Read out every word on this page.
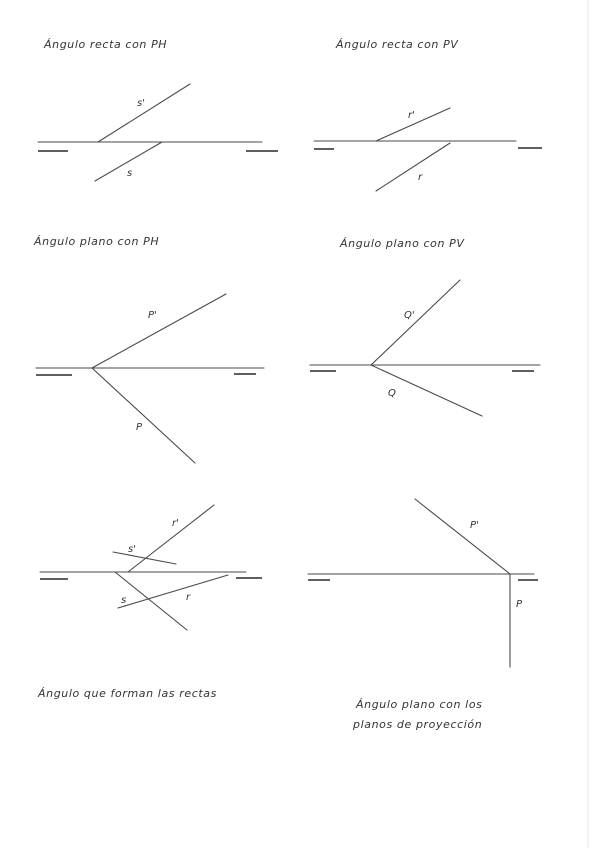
Ángulo recta con PH
s'
s
Ángulo recta con PV
r'
r
Ángulo plano con PH
P'
P
Ángulo plano con PV
Q'
Q
r'
s'
s	r
Ángulo que forman las rectas
P'
P
Ángulo plano con los
planos de proyección
